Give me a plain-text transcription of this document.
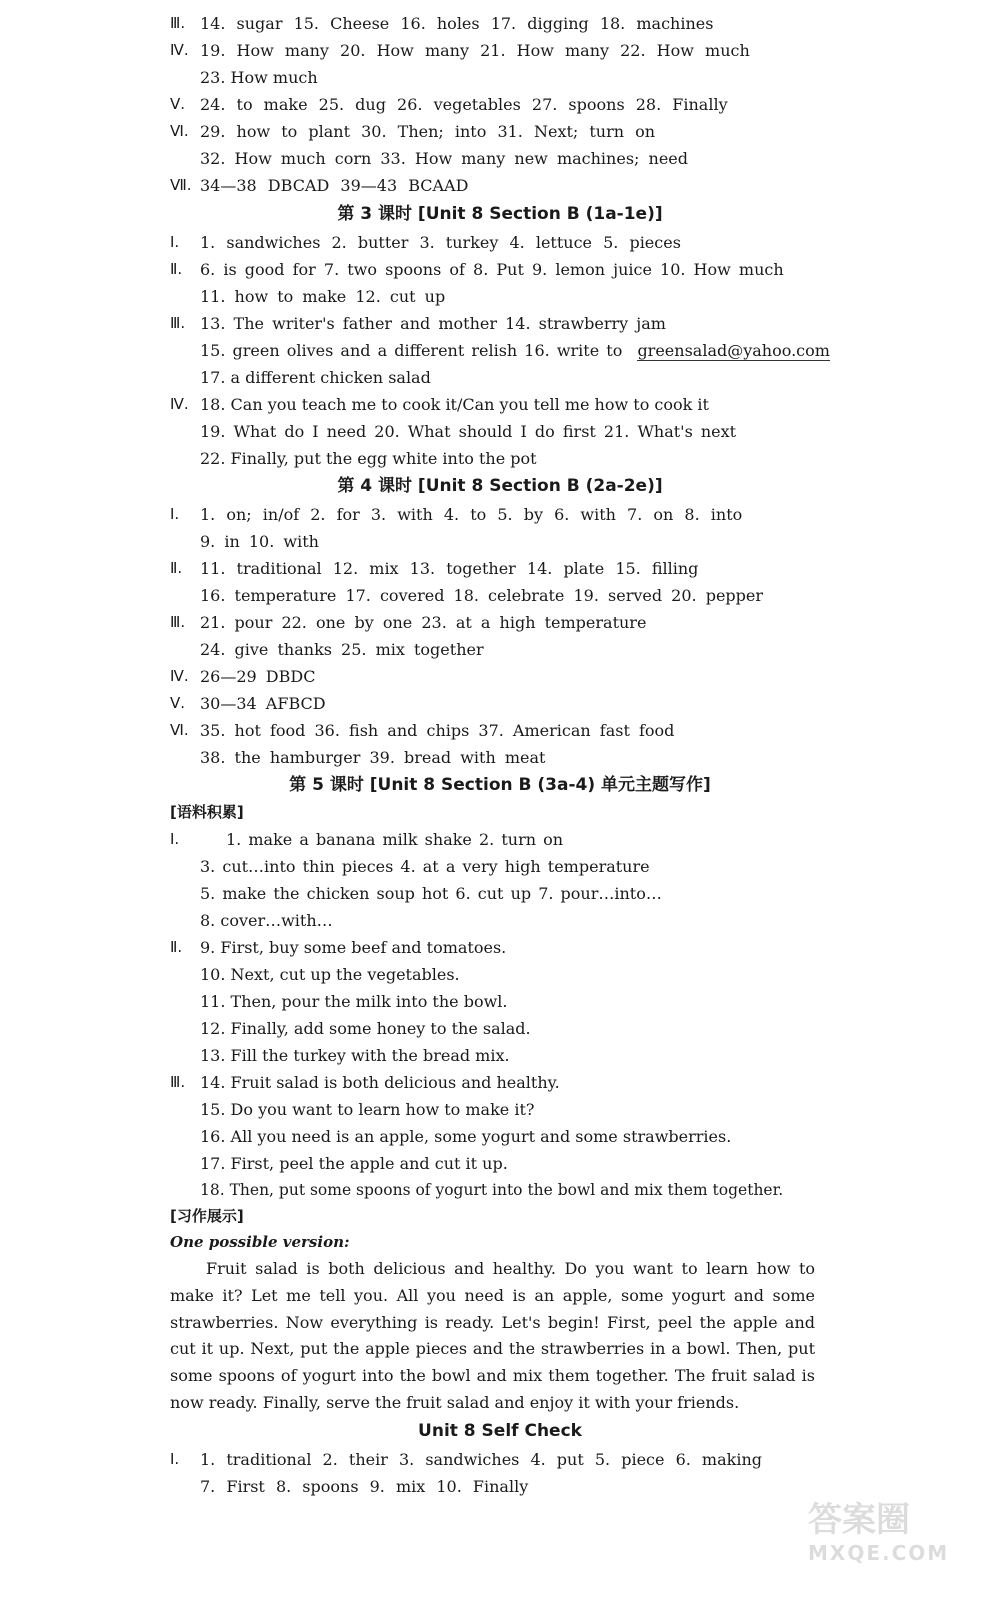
Ⅲ. 14. sugar 15. Cheese 16. holes 17. digging 18. machines
Ⅳ. 19. How many 20. How many 21. How many 22. How much
23. How much
Ⅴ. 24. to make 25. dug 26. vegetables 27. spoons 28. Finally
Ⅵ. 29. how to plant 30. Then; into 31. Next; turn on
32. How much corn 33. How many new machines; need
Ⅶ. 34—38 DBCAD 39—43 BCAAD
第 3 课时 [Unit 8 Section B (1a-1e)]
Ⅰ.	1. sandwiches 2. butter 3. turkey 4. lettuce 5. pieces
Ⅱ.	6. is good for 7. two spoons of 8. Put 9. lemon juice 10. How much
11. how to make 12. cut up
Ⅲ. 13. The writer's father and mother 14. strawberry jam
15. green olives and a different relish 16. write to greensalad@yahoo.com
17. a different chicken salad
Ⅳ. 18. Can you teach me to cook it/Can you tell me how to cook it
19. What do I need 20. What should I do first 21. What's next
22. Finally, put the egg white into the pot
第 4 课时 [Unit 8 Section B (2a-2e)]
Ⅰ.	1. on; in/of 2. for 3. with 4. to 5. by 6. with 7. on 8. into
9. in 10. with
Ⅱ.	11. traditional 12. mix 13. together 14. plate 15. filling
16. temperature 17. covered 18. celebrate 19. served 20. pepper
Ⅲ. 21. pour 22. one by one 23. at a high temperature
24. give thanks 25. mix together
Ⅳ. 26—29 DBDC
Ⅴ. 30—34 AFBCD
Ⅵ. 35. hot food 36. fish and chips 37. American fast food
38. the hamburger 39. bread with meat
第 5 课时 [Unit 8 Section B (3a-4) 单元主题写作]
[语料积累]
Ⅰ.	1. make a banana milk shake 2. turn on
3. cut…into thin pieces 4. at a very high temperature
5. make the chicken soup hot 6. cut up 7. pour…into…
8. cover…with…
Ⅱ.	9. First, buy some beef and tomatoes.
10. Next, cut up the vegetables.
11. Then, pour the milk into the bowl.
12. Finally, add some honey to the salad.
13. Fill the turkey with the bread mix.
Ⅲ. 14. Fruit salad is both delicious and healthy.
15. Do you want to learn how to make it?
16. All you need is an apple, some yogurt and some strawberries.
17. First, peel the apple and cut it up.
18. Then, put some spoons of yogurt into the bowl and mix them together.
[习作展示]
One possible version:

Fruit salad is both delicious and healthy. Do you want to learn how to make it? Let me tell you. All you need is an apple, some yogurt and some strawberries. Now everything is ready. Let's begin! First, peel the apple and cut it up. Next, put the apple pieces and the strawberries in a bowl. Then, put some spoons of yogurt into the bowl and mix them together. The fruit salad is now ready. Finally, serve the fruit salad and enjoy it with your friends.

Unit 8 Self Check
Ⅰ.	1. traditional 2. their 3. sandwiches 4. put 5. piece 6. making
7. First 8. spoons 9. mix 10. Finally
答案圈
MXQE.COM
